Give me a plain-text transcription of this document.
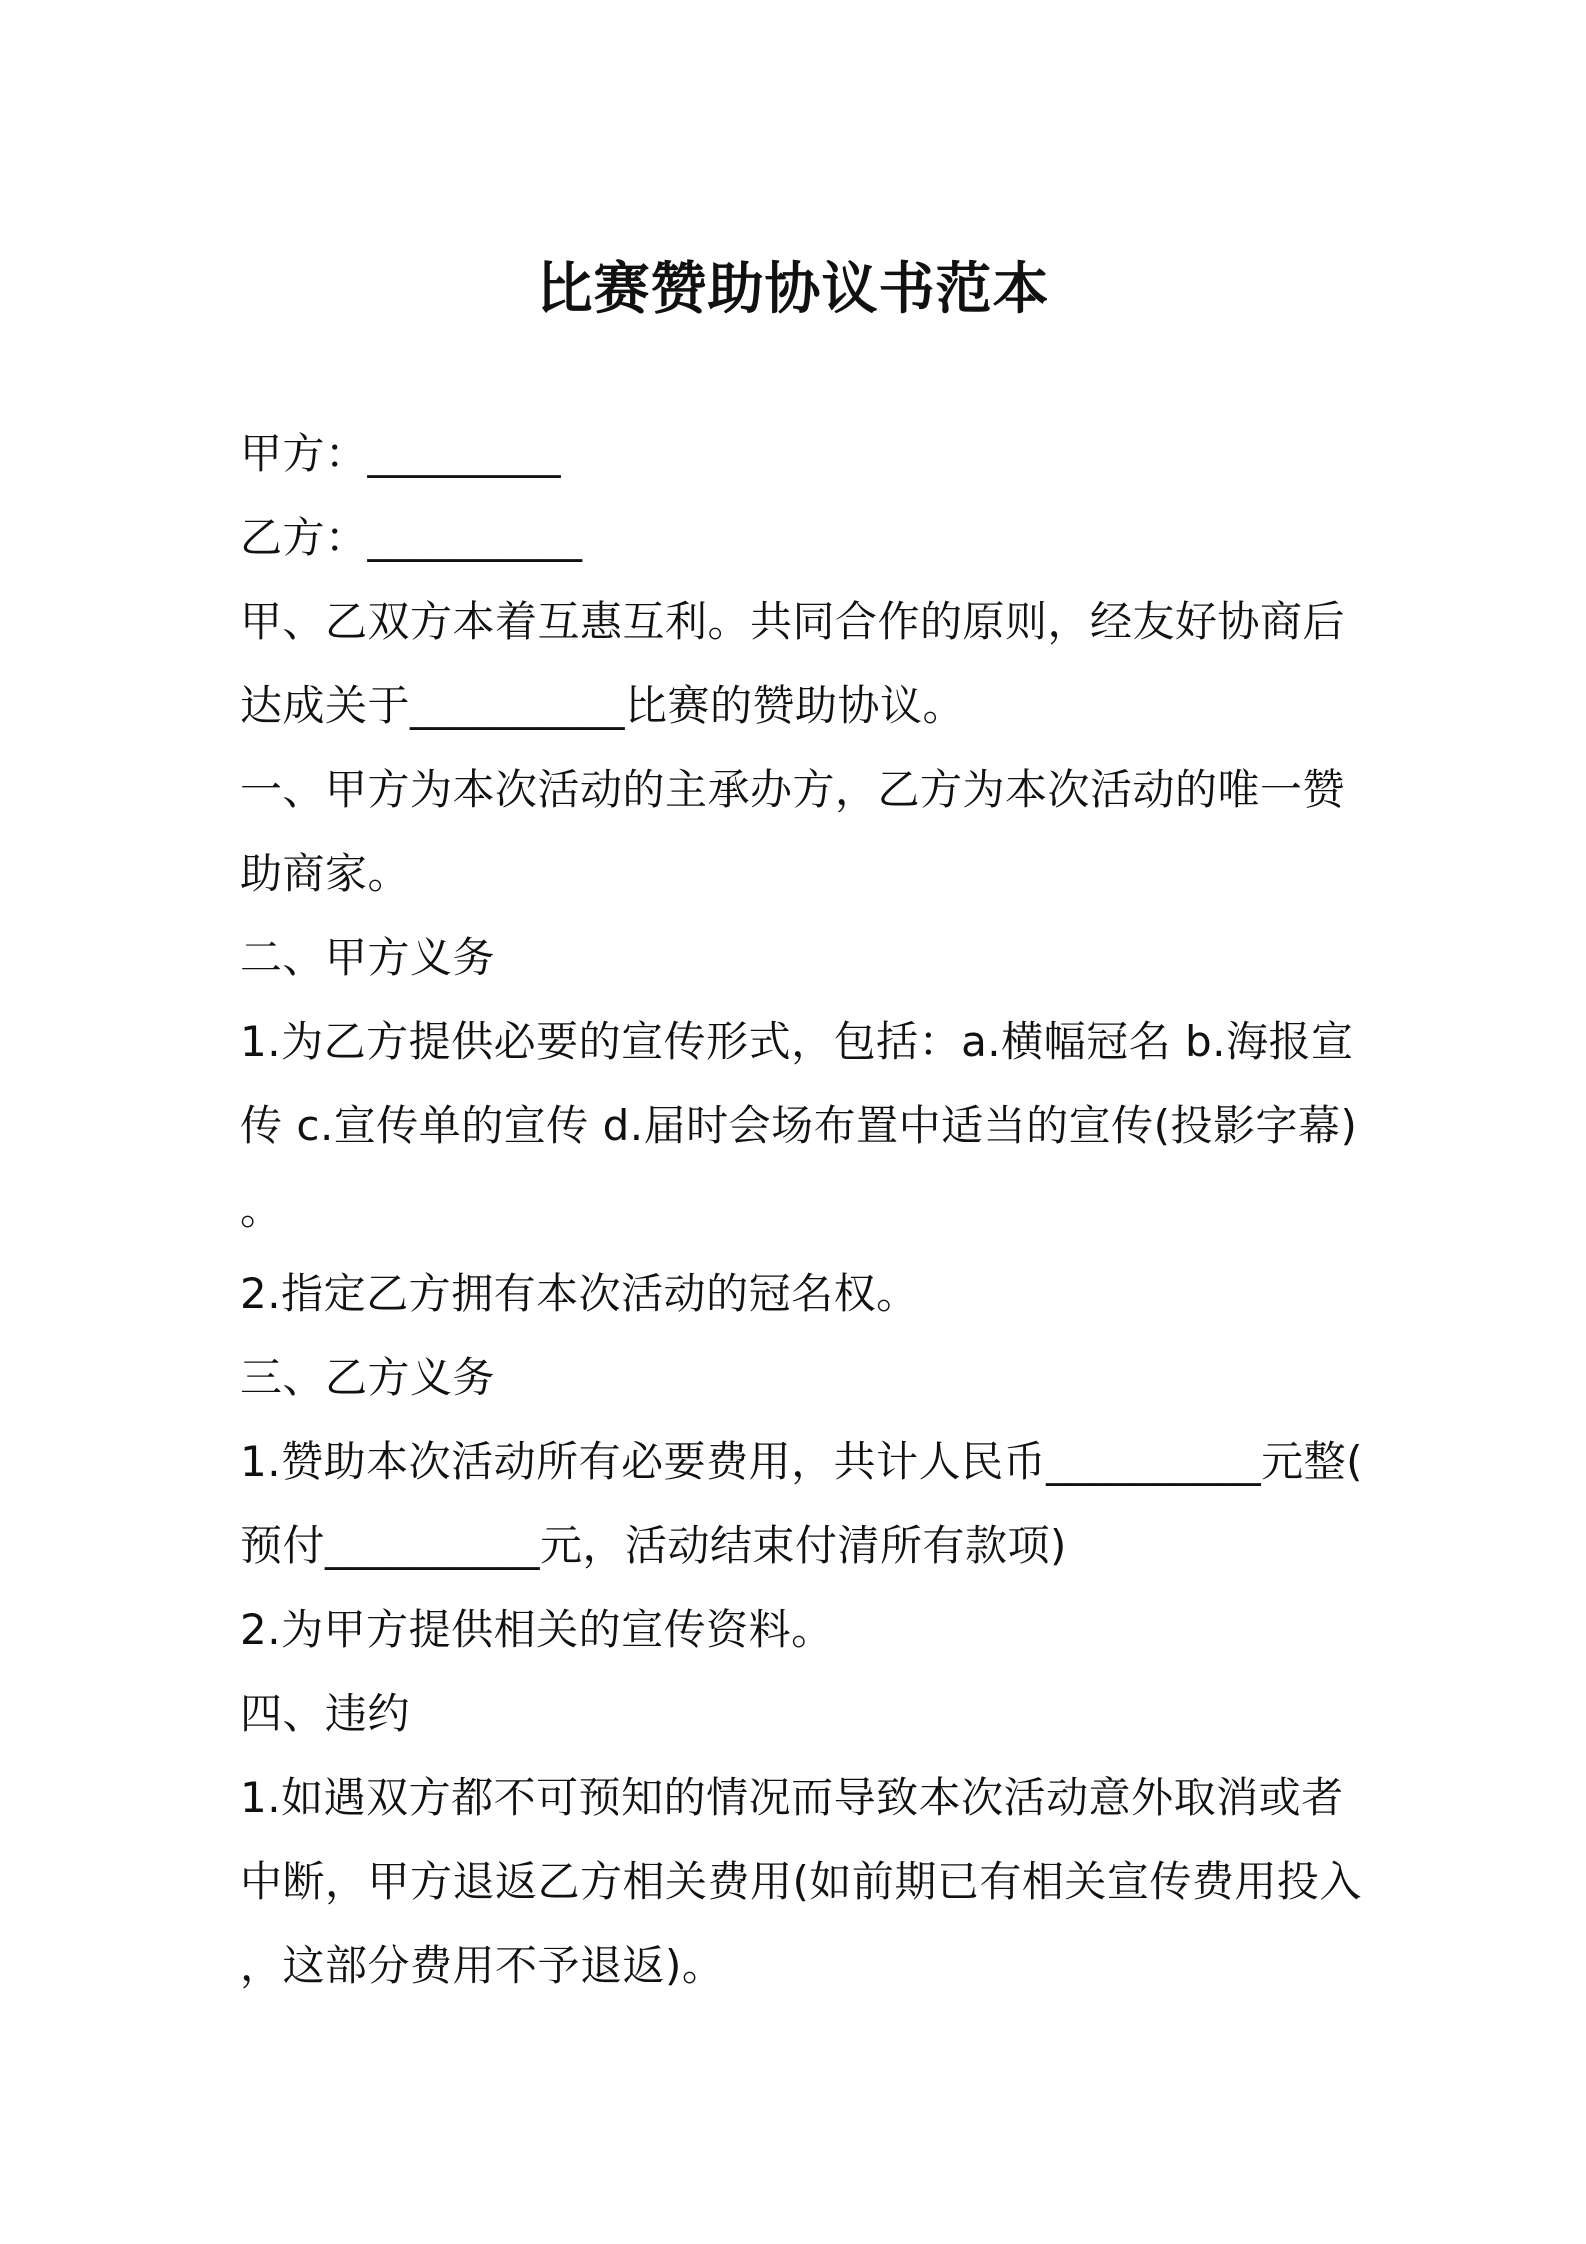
比赛赞助协议书范本
甲方：_________
乙方：__________
甲、乙双方本着互惠互利。共同合作的原则，经友好协商后
达成关于__________比赛的赞助协议。
一、甲方为本次活动的主承办方，乙方为本次活动的唯一赞
助商家。
二、甲方义务
1.为乙方提供必要的宣传形式，包括：a.横幅冠名 b.海报宣
传 c.宣传单的宣传 d.届时会场布置中适当的宣传(投影字幕)
。
2.指定乙方拥有本次活动的冠名权。
三、乙方义务
1.赞助本次活动所有必要费用，共计人民币__________元整(
预付__________元，活动结束付清所有款项)
2.为甲方提供相关的宣传资料。
四、违约
1.如遇双方都不可预知的情况而导致本次活动意外取消或者
中断，甲方退返乙方相关费用(如前期已有相关宣传费用投入
，这部分费用不予退返)。
